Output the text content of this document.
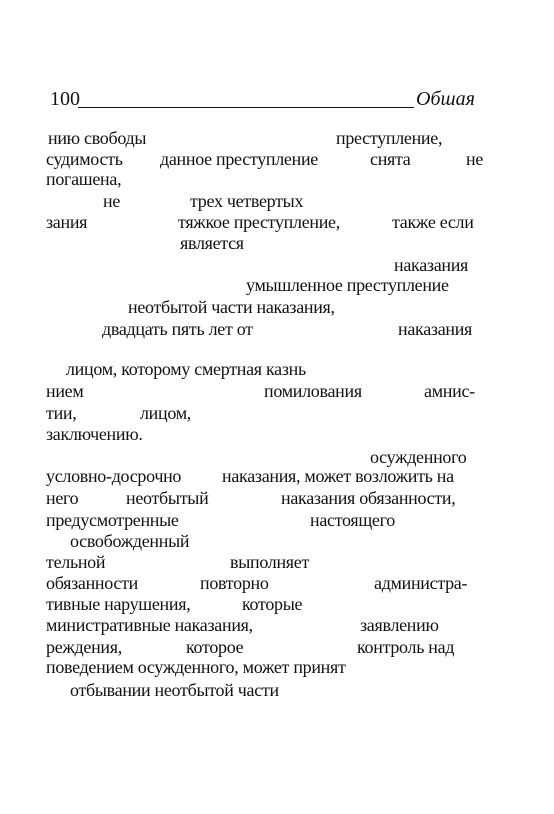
100	Обшая
нию свободы	преступление,
судимость данное преступление	снята	не
погашена,
не	трех четвертых
зания	тяжкое преступление,	также если
является
наказания
умышленное преступление
неотбытой части наказания,
двадцать пять лет от	наказания
лицом, которому смертная казнь
нием	помилования	амнис-
тии,	лицом,
заключению.
осужденного
условно-досрочно наказания, может возложить на
него	неотбытый	наказания обязанности,
предусмотренные	настоящего
освобожденный
тельной	выполняет
обязанности	повторно	администра-
тивные нарушения,	которые
министративные наказания,	заявлению
реждения,	которое	контроль над
поведением осужденного, может принят
отбывании неотбытой части
